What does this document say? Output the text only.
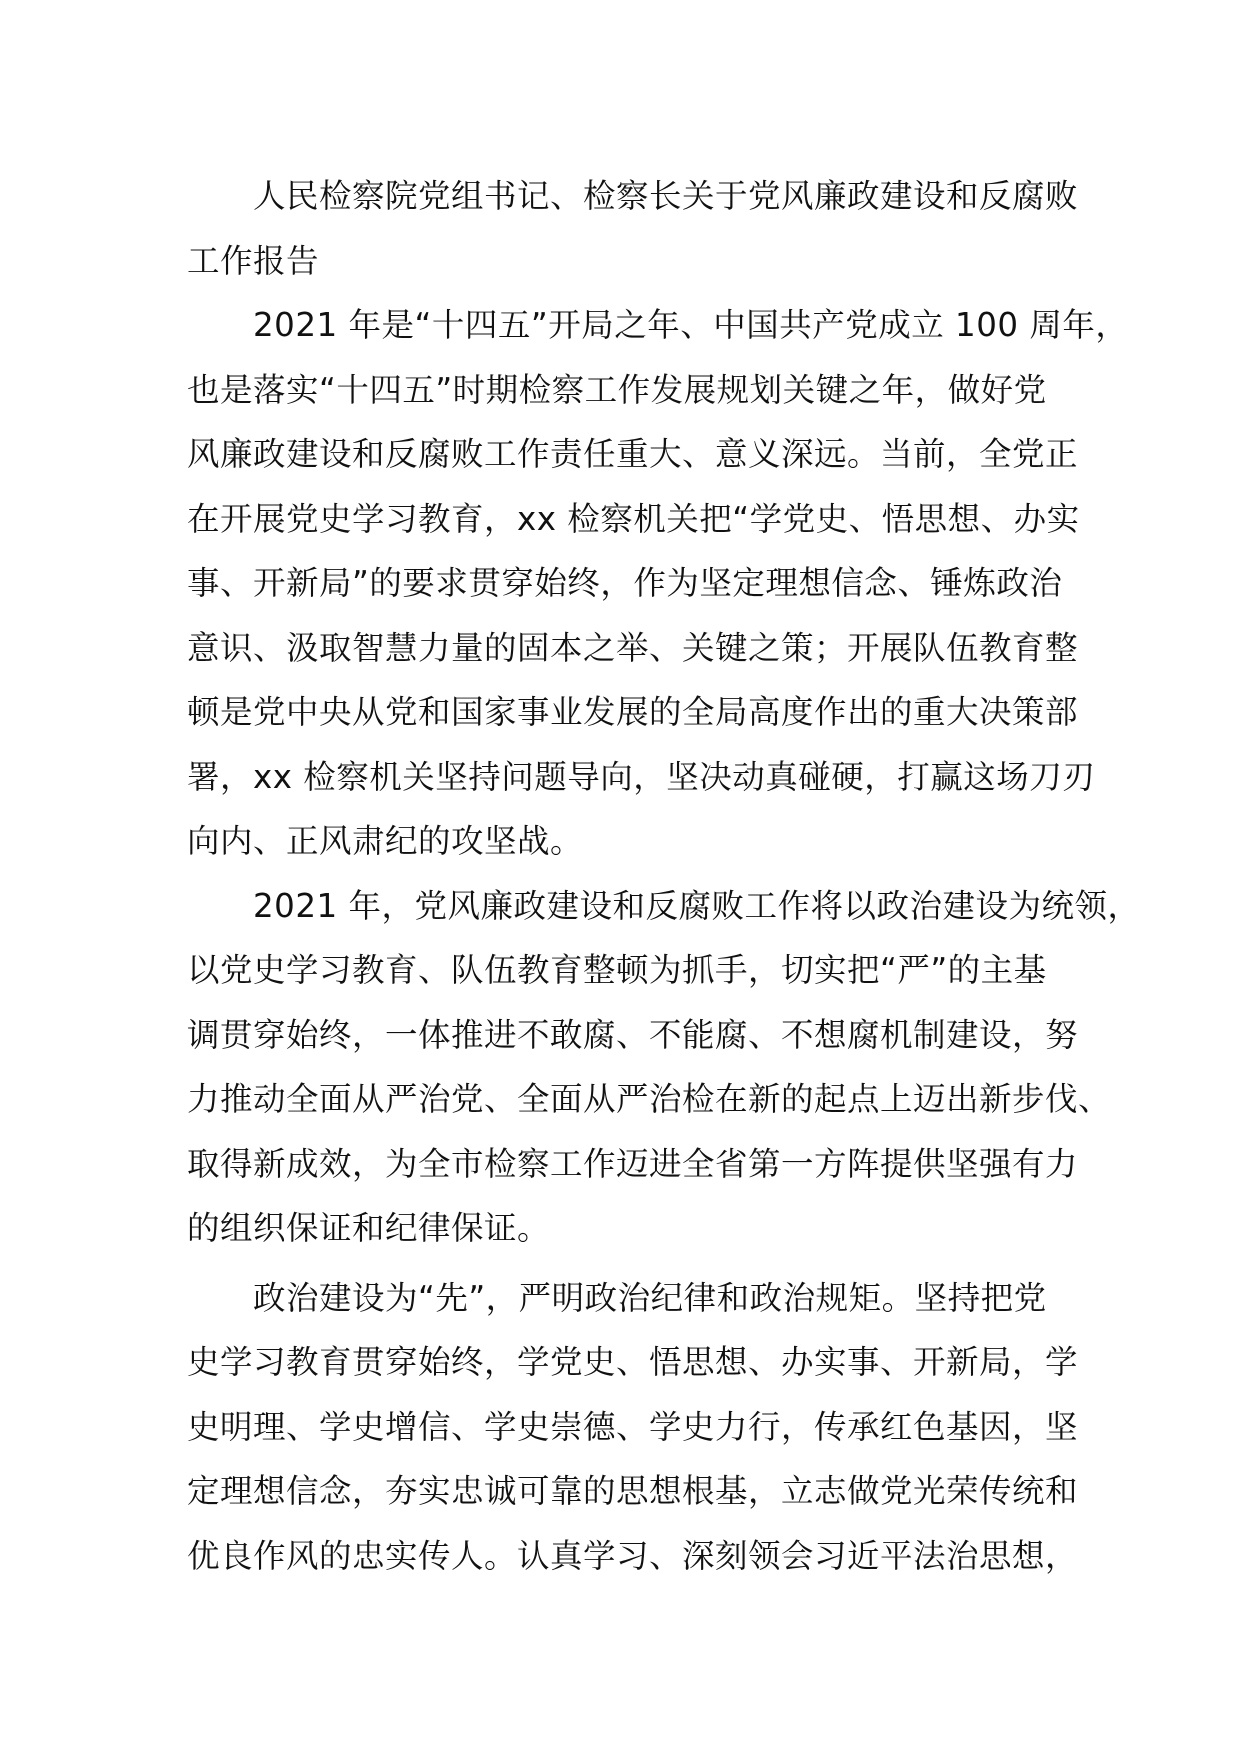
　　人民检察院党组书记、检察长关于党风廉政建设和反腐败
工作报告
　　2021 年是“十四五”开局之年、中国共产党成立 100 周年，
也是落实“十四五”时期检察工作发展规划关键之年，做好党
风廉政建设和反腐败工作责任重大、意义深远。当前，全党正
在开展党史学习教育，xx 检察机关把“学党史、悟思想、办实
事、开新局”的要求贯穿始终，作为坚定理想信念、锤炼政治
意识、汲取智慧力量的固本之举、关键之策；开展队伍教育整
顿是党中央从党和国家事业发展的全局高度作出的重大决策部
署，xx 检察机关坚持问题导向，坚决动真碰硬，打赢这场刀刃
向内、正风肃纪的攻坚战。
　　2021 年，党风廉政建设和反腐败工作将以政治建设为统领，
以党史学习教育、队伍教育整顿为抓手，切实把“严”的主基
调贯穿始终，一体推进不敢腐、不能腐、不想腐机制建设，努
力推动全面从严治党、全面从严治检在新的起点上迈出新步伐、
取得新成效，为全市检察工作迈进全省第一方阵提供坚强有力
的组织保证和纪律保证。
　　政治建设为“先”，严明政治纪律和政治规矩。坚持把党
史学习教育贯穿始终，学党史、悟思想、办实事、开新局，学
史明理、学史增信、学史崇德、学史力行，传承红色基因，坚
定理想信念，夯实忠诚可靠的思想根基，立志做党光荣传统和
优良作风的忠实传人。认真学习、深刻领会习近平法治思想，
